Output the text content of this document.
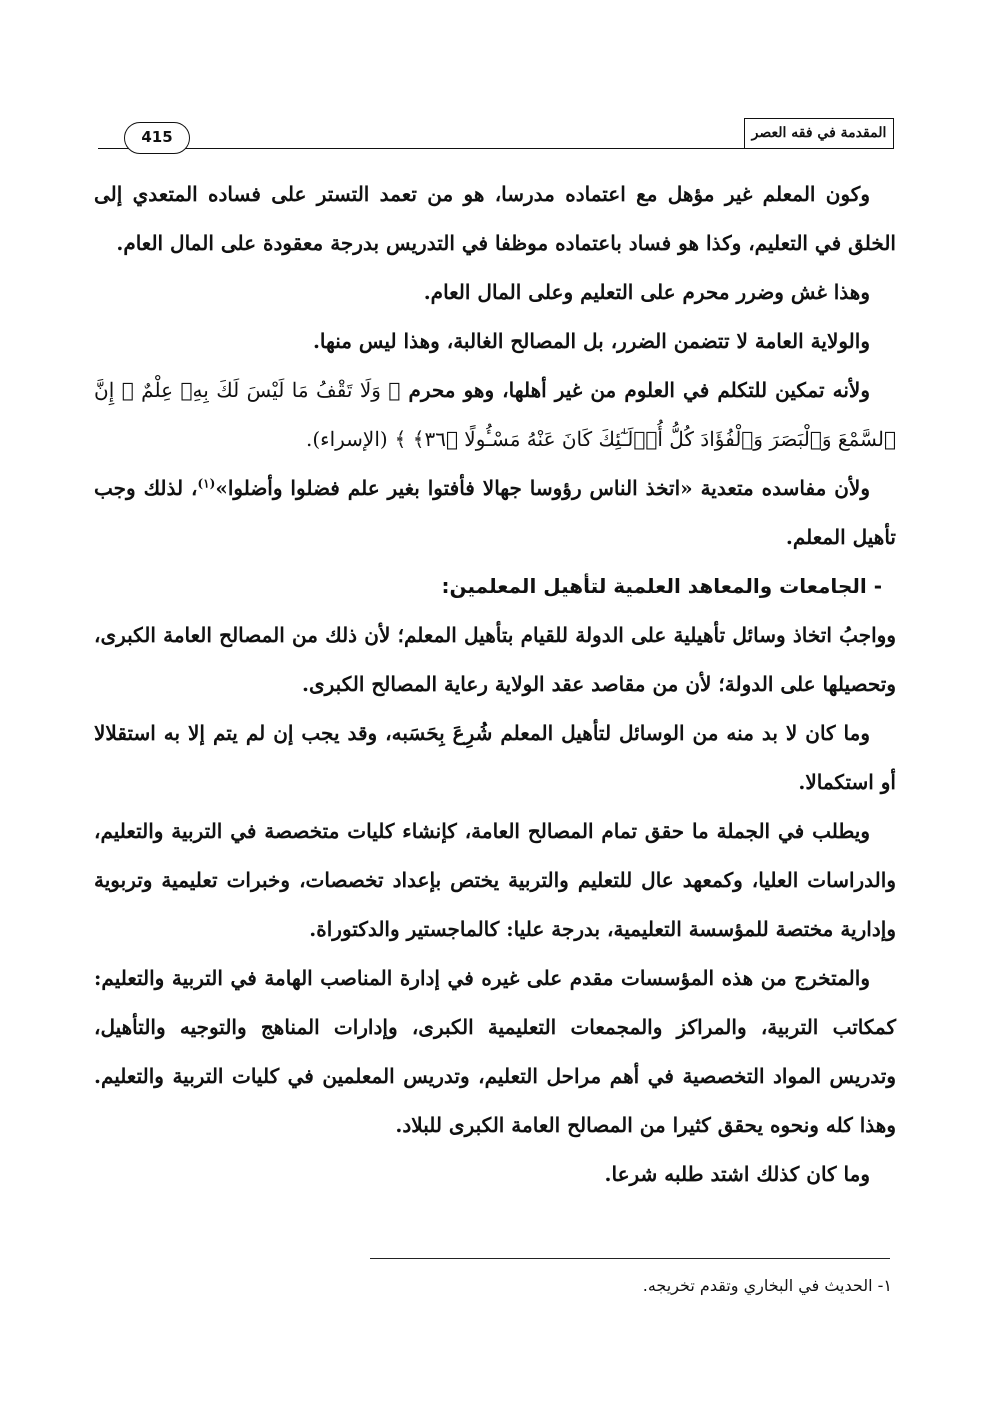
415	المقدمة في فقه العصر

وكون المعلم غير مؤهل مع اعتماده مدرسا، هو من تعمد التستر على فساده المتعدي إلى الخلق في التعليم، وكذا هو فساد باعتماده موظفا في التدريس بدرجة معقودة على المال العام.

وهذا غش وضرر محرم على التعليم وعلى المال العام.

والولاية العامة لا تتضمن الضرر، بل المصالح الغالبة، وهذا ليس منها.

ولأنه تمكين للتكلم في العلوم من غير أهلها، وهو محرم ﴿ وَلَا تَقْفُ مَا لَيْسَ لَكَ بِهِۦ عِلْمٌ ۚ إِنَّ ٱلسَّمْعَ وَٱلْبَصَرَ وَٱلْفُؤَادَ كُلُّ أُو۟لَـٰٓئِكَ كَانَ عَنْهُ مَسْـُٔولًا ﴿٣٦﴾ ﴾ (الإسراء).

ولأن مفاسده متعدية «اتخذ الناس رؤوسا جهالا فأفتوا بغير علم فضلوا وأضلوا»$^{(١)}$، لذلك وجب تأهيل المعلم.

- الجامعات والمعاهد العلمية لتأهيل المعلمين:

وواجبُ اتخاذ وسائل تأهيلية على الدولة للقيام بتأهيل المعلم؛ لأن ذلك من المصالح العامة الكبرى، وتحصيلها على الدولة؛ لأن من مقاصد عقد الولاية رعاية المصالح الكبرى.

وما كان لا بد منه من الوسائل لتأهيل المعلم شُرِعَ بِحَسَبه، وقد يجب إن لم يتم إلا به استقلالا أو استكمالا.

ويطلب في الجملة ما حقق تمام المصالح العامة، كإنشاء كليات متخصصة في التربية والتعليم، والدراسات العليا، وكمعهد عال للتعليم والتربية يختص بإعداد تخصصات، وخبرات تعليمية وتربوية وإدارية مختصة للمؤسسة التعليمية، بدرجة عليا: كالماجستير والدكتوراة.

والمتخرج من هذه المؤسسات مقدم على غيره في إدارة المناصب الهامة في التربية والتعليم: كمكاتب التربية، والمراكز والمجمعات التعليمية الكبرى، وإدارات المناهج والتوجيه والتأهيل، وتدريس المواد التخصصية في أهم مراحل التعليم، وتدريس المعلمين في كليات التربية والتعليم. وهذا كله ونحوه يحقق كثيرا من المصالح العامة الكبرى للبلاد.

وما كان كذلك اشتد طلبه شرعا.

١- الحديث في البخاري وتقدم تخريجه.
